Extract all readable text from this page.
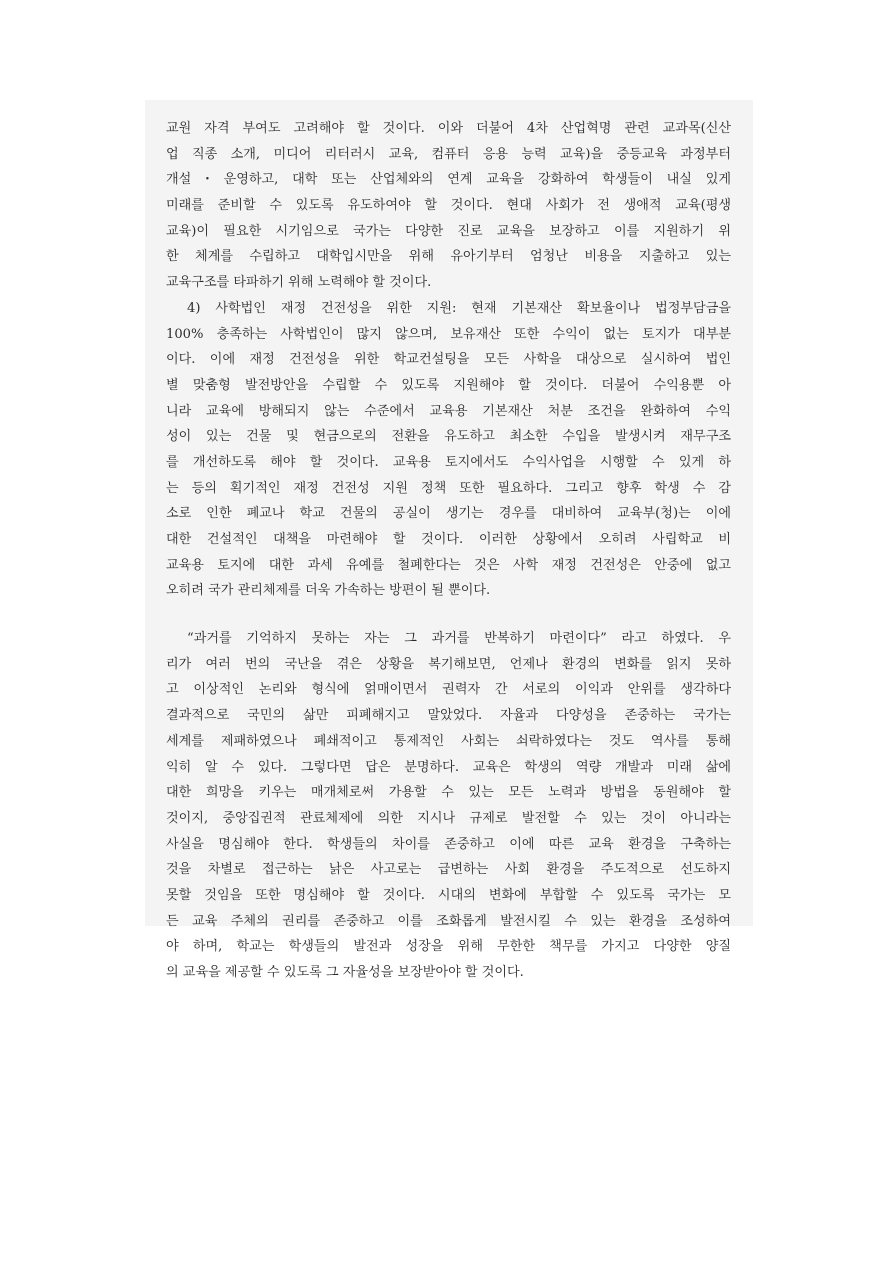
교원 자격 부여도 고려해야 할 것이다. 이와 더불어 4차 산업혁명 관련 교과목(신산
업 직종 소개, 미디어 리터러시 교육, 컴퓨터 응용 능력 교육)을 중등교육 과정부터
개설・운영하고, 대학 또는 산업체와의 연계 교육을 강화하여 학생들이 내실 있게
미래를 준비할 수 있도록 유도하여야 할 것이다. 현대 사회가 전 생애적 교육(평생
교육)이 필요한 시기임으로 국가는 다양한 진로 교육을 보장하고 이를 지원하기 위
한 체계를 수립하고 대학입시만을 위해 유아기부터 엄청난 비용을 지출하고 있는
교육구조를 타파하기 위해 노력해야 할 것이다.
4) 사학법인 재정 건전성을 위한 지원: 현재 기본재산 확보율이나 법정부담금을
100% 충족하는 사학법인이 많지 않으며, 보유재산 또한 수익이 없는 토지가 대부분
이다. 이에 재정 건전성을 위한 학교컨설팅을 모든 사학을 대상으로 실시하여 법인
별 맞춤형 발전방안을 수립할 수 있도록 지원해야 할 것이다. 더불어 수익용뿐 아
니라 교육에 방해되지 않는 수준에서 교육용 기본재산 처분 조건을 완화하여 수익
성이 있는 건물 및 현금으로의 전환을 유도하고 최소한 수입을 발생시켜 재무구조
를 개선하도록 해야 할 것이다. 교육용 토지에서도 수익사업을 시행할 수 있게 하
는 등의 획기적인 재정 건전성 지원 정책 또한 필요하다. 그리고 향후 학생 수 감
소로 인한 폐교나 학교 건물의 공실이 생기는 경우를 대비하여 교육부(청)는 이에
대한 건설적인 대책을 마련해야 할 것이다. 이러한 상황에서 오히려 사립학교 비
교육용 토지에 대한 과세 유예를 철폐한다는 것은 사학 재정 건전성은 안중에 없고
오히려 국가 관리체제를 더욱 가속하는 방편이 될 뿐이다.
“과거를 기억하지 못하는 자는 그 과거를 반복하기 마련이다” 라고 하였다. 우
리가 여러 번의 국난을 겪은 상황을 복기해보면, 언제나 환경의 변화를 읽지 못하
고 이상적인 논리와 형식에 얽매이면서 권력자 간 서로의 이익과 안위를 생각하다
결과적으로 국민의 삶만 피폐해지고 말았었다. 자율과 다양성을 존중하는 국가는
세계를 제패하였으나 폐쇄적이고 통제적인 사회는 쇠락하였다는 것도 역사를 통해
익히 알 수 있다. 그렇다면 답은 분명하다. 교육은 학생의 역량 개발과 미래 삶에
대한 희망을 키우는 매개체로써 가용할 수 있는 모든 노력과 방법을 동원해야 할
것이지, 중앙집권적 관료체제에 의한 지시나 규제로 발전할 수 있는 것이 아니라는
사실을 명심해야 한다. 학생들의 차이를 존중하고 이에 따른 교육 환경을 구축하는
것을 차별로 접근하는 낡은 사고로는 급변하는 사회 환경을 주도적으로 선도하지
못할 것임을 또한 명심해야 할 것이다. 시대의 변화에 부합할 수 있도록 국가는 모
든 교육 주체의 권리를 존중하고 이를 조화롭게 발전시킬 수 있는 환경을 조성하여
야 하며, 학교는 학생들의 발전과 성장을 위해 무한한 책무를 가지고 다양한 양질
의 교육을 제공할 수 있도록 그 자율성을 보장받아야 할 것이다.
